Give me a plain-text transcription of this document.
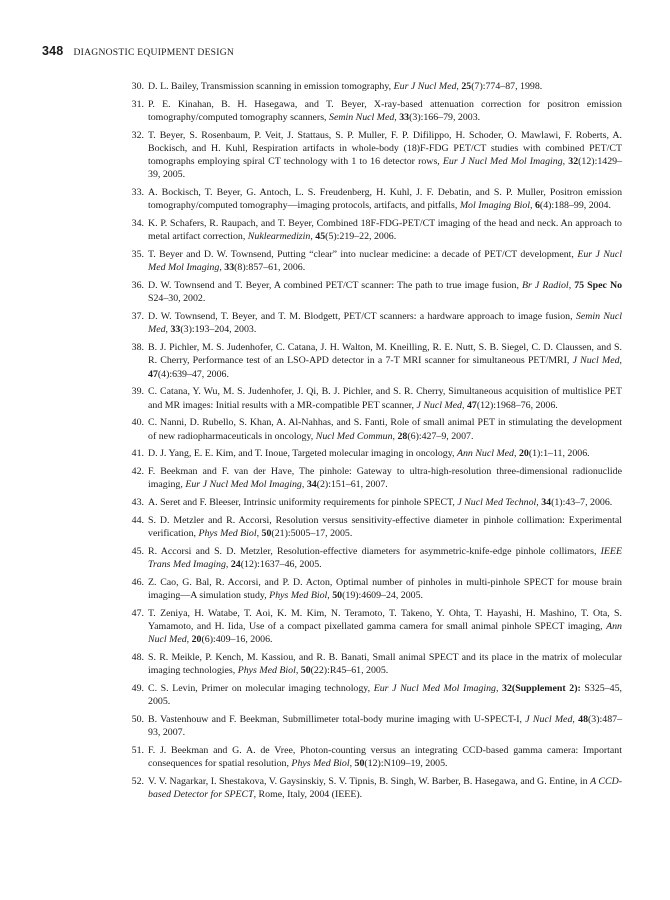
348 DIAGNOSTIC EQUIPMENT DESIGN
30. D. L. Bailey, Transmission scanning in emission tomography, Eur J Nucl Med, 25(7):774–87, 1998.
31. P. E. Kinahan, B. H. Hasegawa, and T. Beyer, X-ray-based attenuation correction for positron emission tomography/computed tomography scanners, Semin Nucl Med, 33(3):166–79, 2003.
32. T. Beyer, S. Rosenbaum, P. Veit, J. Stattaus, S. P. Muller, F. P. Difilippo, H. Schoder, O. Mawlawi, F. Roberts, A. Bockisch, and H. Kuhl, Respiration artifacts in whole-body (18)F-FDG PET/CT studies with combined PET/CT tomographs employing spiral CT technology with 1 to 16 detector rows, Eur J Nucl Med Mol Imaging, 32(12):1429–39, 2005.
33. A. Bockisch, T. Beyer, G. Antoch, L. S. Freudenberg, H. Kuhl, J. F. Debatin, and S. P. Muller, Positron emission tomography/computed tomography—imaging protocols, artifacts, and pitfalls, Mol Imaging Biol, 6(4):188–99, 2004.
34. K. P. Schafers, R. Raupach, and T. Beyer, Combined 18F-FDG-PET/CT imaging of the head and neck. An approach to metal artifact correction, Nuklearmedizin, 45(5):219–22, 2006.
35. T. Beyer and D. W. Townsend, Putting “clear” into nuclear medicine: a decade of PET/CT development, Eur J Nucl Med Mol Imaging, 33(8):857–61, 2006.
36. D. W. Townsend and T. Beyer, A combined PET/CT scanner: The path to true image fusion, Br J Radiol, 75 Spec No S24–30, 2002.
37. D. W. Townsend, T. Beyer, and T. M. Blodgett, PET/CT scanners: a hardware approach to image fusion, Semin Nucl Med, 33(3):193–204, 2003.
38. B. J. Pichler, M. S. Judenhofer, C. Catana, J. H. Walton, M. Kneilling, R. E. Nutt, S. B. Siegel, C. D. Claussen, and S. R. Cherry, Performance test of an LSO-APD detector in a 7-T MRI scanner for simultaneous PET/MRI, J Nucl Med, 47(4):639–47, 2006.
39. C. Catana, Y. Wu, M. S. Judenhofer, J. Qi, B. J. Pichler, and S. R. Cherry, Simultaneous acquisition of multislice PET and MR images: Initial results with a MR-compatible PET scanner, J Nucl Med, 47(12):1968–76, 2006.
40. C. Nanni, D. Rubello, S. Khan, A. Al-Nahhas, and S. Fanti, Role of small animal PET in stimulating the development of new radiopharmaceuticals in oncology, Nucl Med Commun, 28(6):427–9, 2007.
41. D. J. Yang, E. E. Kim, and T. Inoue, Targeted molecular imaging in oncology, Ann Nucl Med, 20(1):1–11, 2006.
42. F. Beekman and F. van der Have, The pinhole: Gateway to ultra-high-resolution three-dimensional radionuclide imaging, Eur J Nucl Med Mol Imaging, 34(2):151–61, 2007.
43. A. Seret and F. Bleeser, Intrinsic uniformity requirements for pinhole SPECT, J Nucl Med Technol, 34(1):43–7, 2006.
44. S. D. Metzler and R. Accorsi, Resolution versus sensitivity-effective diameter in pinhole collimation: Experimental verification, Phys Med Biol, 50(21):5005–17, 2005.
45. R. Accorsi and S. D. Metzler, Resolution-effective diameters for asymmetric-knife-edge pinhole collimators, IEEE Trans Med Imaging, 24(12):1637–46, 2005.
46. Z. Cao, G. Bal, R. Accorsi, and P. D. Acton, Optimal number of pinholes in multi-pinhole SPECT for mouse brain imaging—A simulation study, Phys Med Biol, 50(19):4609–24, 2005.
47. T. Zeniya, H. Watabe, T. Aoi, K. M. Kim, N. Teramoto, T. Takeno, Y. Ohta, T. Hayashi, H. Mashino, T. Ota, S. Yamamoto, and H. Iida, Use of a compact pixellated gamma camera for small animal pinhole SPECT imaging, Ann Nucl Med, 20(6):409–16, 2006.
48. S. R. Meikle, P. Kench, M. Kassiou, and R. B. Banati, Small animal SPECT and its place in the matrix of molecular imaging technologies, Phys Med Biol, 50(22):R45–61, 2005.
49. C. S. Levin, Primer on molecular imaging technology, Eur J Nucl Med Mol Imaging, 32(Supplement 2): S325–45, 2005.
50. B. Vastenhouw and F. Beekman, Submillimeter total-body murine imaging with U-SPECT-I, J Nucl Med, 48(3):487–93, 2007.
51. F. J. Beekman and G. A. de Vree, Photon-counting versus an integrating CCD-based gamma camera: Important consequences for spatial resolution, Phys Med Biol, 50(12):N109–19, 2005.
52. V. V. Nagarkar, I. Shestakova, V. Gaysinskiy, S. V. Tipnis, B. Singh, W. Barber, B. Hasegawa, and G. Entine, in A CCD-based Detector for SPECT, Rome, Italy, 2004 (IEEE).
